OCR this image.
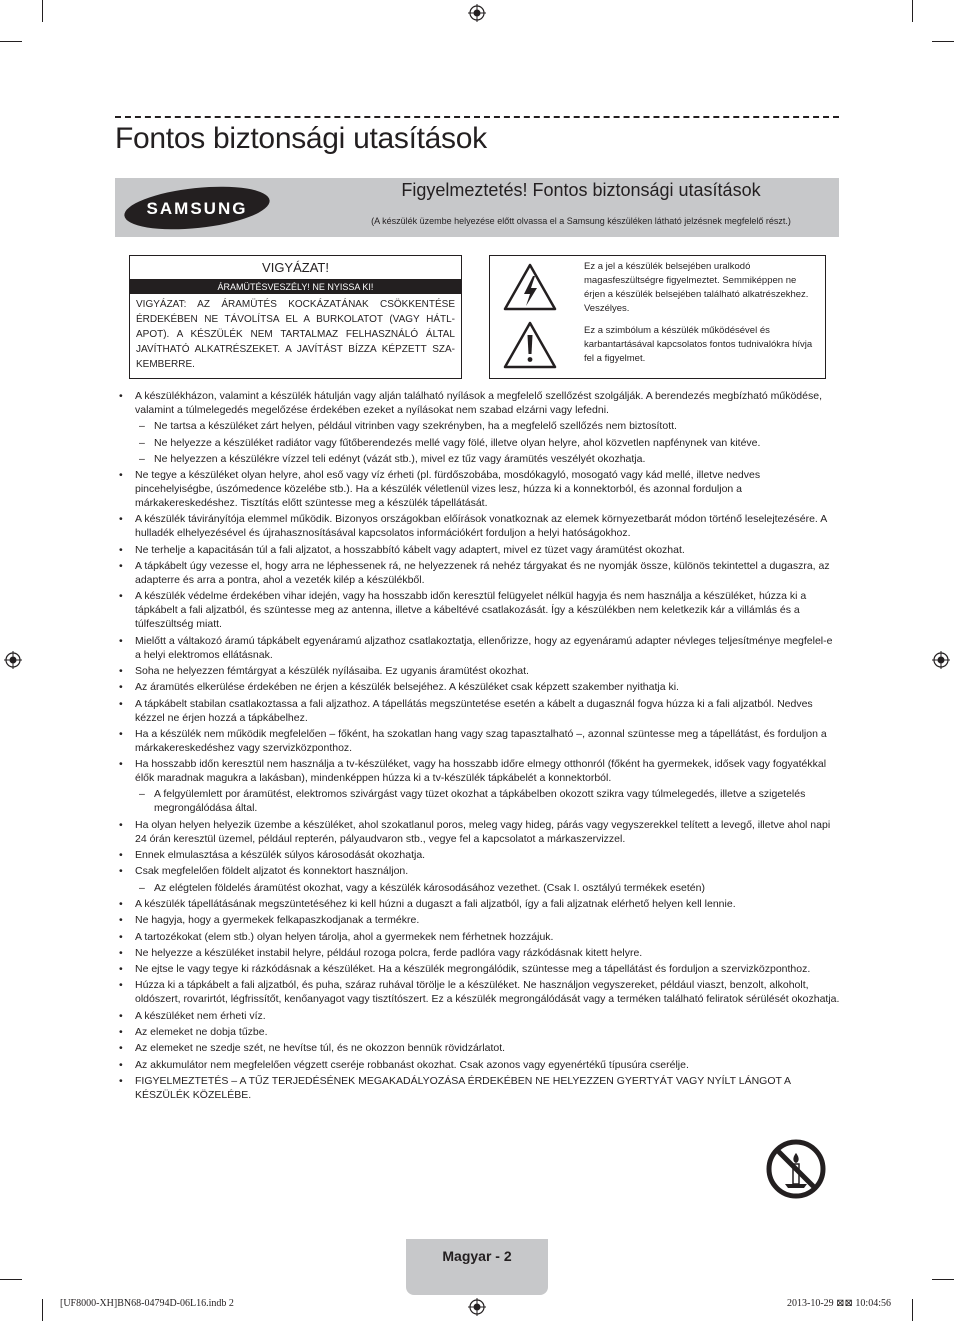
Fontos biztonsági utasítások
SAMSUNG
Figyelmeztetés! Fontos biztonsági utasítások
(A készülék üzembe helyezése előtt olvassa el a Samsung készüléken látható jelzésnek megfelelő részt.)
VIGYÁZAT!
ÁRAMÜTÉSVESZÉLY! NE NYISSA KI!
VIGYÁZAT: AZ ÁRAMÜTÉS KOCKÁZATÁNAK CSÖKKENTÉSE ÉRDEKÉBEN NE TÁVOLÍTSA EL A BURKOLATOT (VAGY HÁTL-APOT). A KÉSZÜLÉK NEM TARTALMAZ FELHASZNÁLÓ ÁLTAL JAVÍTHATÓ ALKATRÉSZEKET. A JAVÍTÁST BÍZZA KÉPZETT SZA-KEMBERRE.
Ez a jel a készülék belsejében uralkodó magasfeszültségre figyelmeztet. Semmiképpen ne érjen a készülék belsejében található alkatrészekhez. Veszélyes.
Ez a szimbólum a készülék működésével és karbantartásával kapcsolatos fontos tudnivalókra hívja fel a figyelmet.
• A készülékházon, valamint a készülék hátulján vagy alján található nyílások a megfelelő szellőzést szolgálják. A berendezés megbízható működése, valamint a túlmelegedés megelőzése érdekében ezeket a nyílásokat nem szabad elzárni vagy lefedni.
– Ne tartsa a készüléket zárt helyen, például vitrinben vagy szekrényben, ha a megfelelő szellőzés nem biztosított.
– Ne helyezze a készüléket radiátor vagy fűtőberendezés mellé vagy fölé, illetve olyan helyre, ahol közvetlen napfénynek van kitéve.
– Ne helyezzen a készülékre vízzel teli edényt (vázát stb.), mivel ez tűz vagy áramütés veszélyét okozhatja.
• Ne tegye a készüléket olyan helyre, ahol eső vagy víz érheti (pl. fürdőszobába, mosdókagyló, mosogató vagy kád mellé, illetve nedves pincehelyiségbe, úszómedence közelébe stb.). Ha a készülék véletlenül vizes lesz, húzza ki a konnektorból, és azonnal forduljon a márkakereskedéshez. Tisztítás előtt szüntesse meg a készülék tápellátását.
• A készülék távirányítója elemmel működik. Bizonyos országokban előírások vonatkoznak az elemek környezetbarát módon történő leselejtezésére. A hulladék elhelyezésével és újrahasznosításával kapcsolatos információkért forduljon a helyi hatóságokhoz.
• Ne terhelje a kapacitásán túl a fali aljzatot, a hosszabbító kábelt vagy adaptert, mivel ez tüzet vagy áramütést okozhat.
• A tápkábelt úgy vezesse el, hogy arra ne léphessenek rá, ne helyezzenek rá nehéz tárgyakat és ne nyomják össze, különös tekintettel a dugaszra, az adapterre és arra a pontra, ahol a vezeték kilép a készülékből.
• A készülék védelme érdekében vihar idején, vagy ha hosszabb időn keresztül felügyelet nélkül hagyja és nem használja a készüléket, húzza ki a tápkábelt a fali aljzatból, és szüntesse meg az antenna, illetve a kábeltévé csatlakozását. Így a készülékben nem keletkezik kár a villámlás és a túlfeszültség miatt.
• Mielőtt a váltakozó áramú tápkábelt egyenáramú aljzathoz csatlakoztatja, ellenőrizze, hogy az egyenáramú adapter névleges teljesítménye megfelel-e a helyi elektromos ellátásnak.
• Soha ne helyezzen fémtárgyat a készülék nyílásaiba. Ez ugyanis áramütést okozhat.
• Az áramütés elkerülése érdekében ne érjen a készülék belsejéhez. A készüléket csak képzett szakember nyithatja ki.
• A tápkábelt stabilan csatlakoztassa a fali aljzathoz. A tápellátás megszüntetése esetén a kábelt a dugasznál fogva húzza ki a fali aljzatból. Nedves kézzel ne érjen hozzá a tápkábelhez.
• Ha a készülék nem működik megfelelően – főként, ha szokatlan hang vagy szag tapasztalható –, azonnal szüntesse meg a tápellátást, és forduljon a márkakereskedéshez vagy szervizközponthoz.
• Ha hosszabb időn keresztül nem használja a tv-készüléket, vagy ha hosszabb időre elmegy otthonról (főként ha gyermekek, idősek vagy fogyatékkal élők maradnak magukra a lakásban), mindenképpen húzza ki a tv-készülék tápkábelét a konnektorból.
– A felgyülemlett por áramütést, elektromos szivárgást vagy tüzet okozhat a tápkábelben okozott szikra vagy túlmelegedés, illetve a szigetelés megrongálódása által.
• Ha olyan helyen helyezik üzembe a készüléket, ahol szokatlanul poros, meleg vagy hideg, párás vagy vegyszerekkel telített a levegő, illetve ahol napi 24 órán keresztül üzemel, például repterén, pályaudvaron stb., vegye fel a kapcsolatot a márkaszervizzel.
• Ennek elmulasztása a készülék súlyos károsodását okozhatja.
• Csak megfelelően földelt aljzatot és konnektort használjon.
– Az elégtelen földelés áramütést okozhat, vagy a készülék károsodásához vezethet. (Csak I. osztályú termékek esetén)
• A készülék tápellátásának megszüntetéséhez ki kell húzni a dugaszt a fali aljzatból, így a fali aljzatnak elérhető helyen kell lennie.
• Ne hagyja, hogy a gyermekek felkapaszkodjanak a termékre.
• A tartozékokat (elem stb.) olyan helyen tárolja, ahol a gyermekek nem férhetnek hozzájuk.
• Ne helyezze a készüléket instabil helyre, például rozoga polcra, ferde padlóra vagy rázkódásnak kitett helyre.
• Ne ejtse le vagy tegye ki rázkódásnak a készüléket. Ha a készülék megrongálódik, szüntesse meg a tápellátást és forduljon a szervizközponthoz.
• Húzza ki a tápkábelt a fali aljzatból, és puha, száraz ruhával törölje le a készüléket. Ne használjon vegyszereket, például viaszt, benzolt, alkoholt, oldószert, rovarirtót, légfrissítőt, kenőanyagot vagy tisztítószert. Ez a készülék megrongálódását vagy a terméken található feliratok sérülését okozhatja.
• A készüléket nem érheti víz.
• Az elemeket ne dobja tűzbe.
• Az elemeket ne szedje szét, ne hevítse túl, és ne okozzon bennük rövidzárlatot.
• Az akkumulátor nem megfelelően végzett cseréje robbanást okozhat. Csak azonos vagy egyenértékű típusúra cserélje.
• FIGYELMEZTETÉS – A TŰZ TERJEDÉSÉNEK MEGAKADÁLYOZÁSA ÉRDEKÉBEN NE HELYEZZEN GYERTYÁT VAGY NYÍLT LÁNGOT A KÉSZÜLÉK KÖZELÉBE.
Magyar - 2
[UF8000-XH]BN68-04794D-06L16.indb 2	2013-10-29 ⊠⊠ 10:04:56
